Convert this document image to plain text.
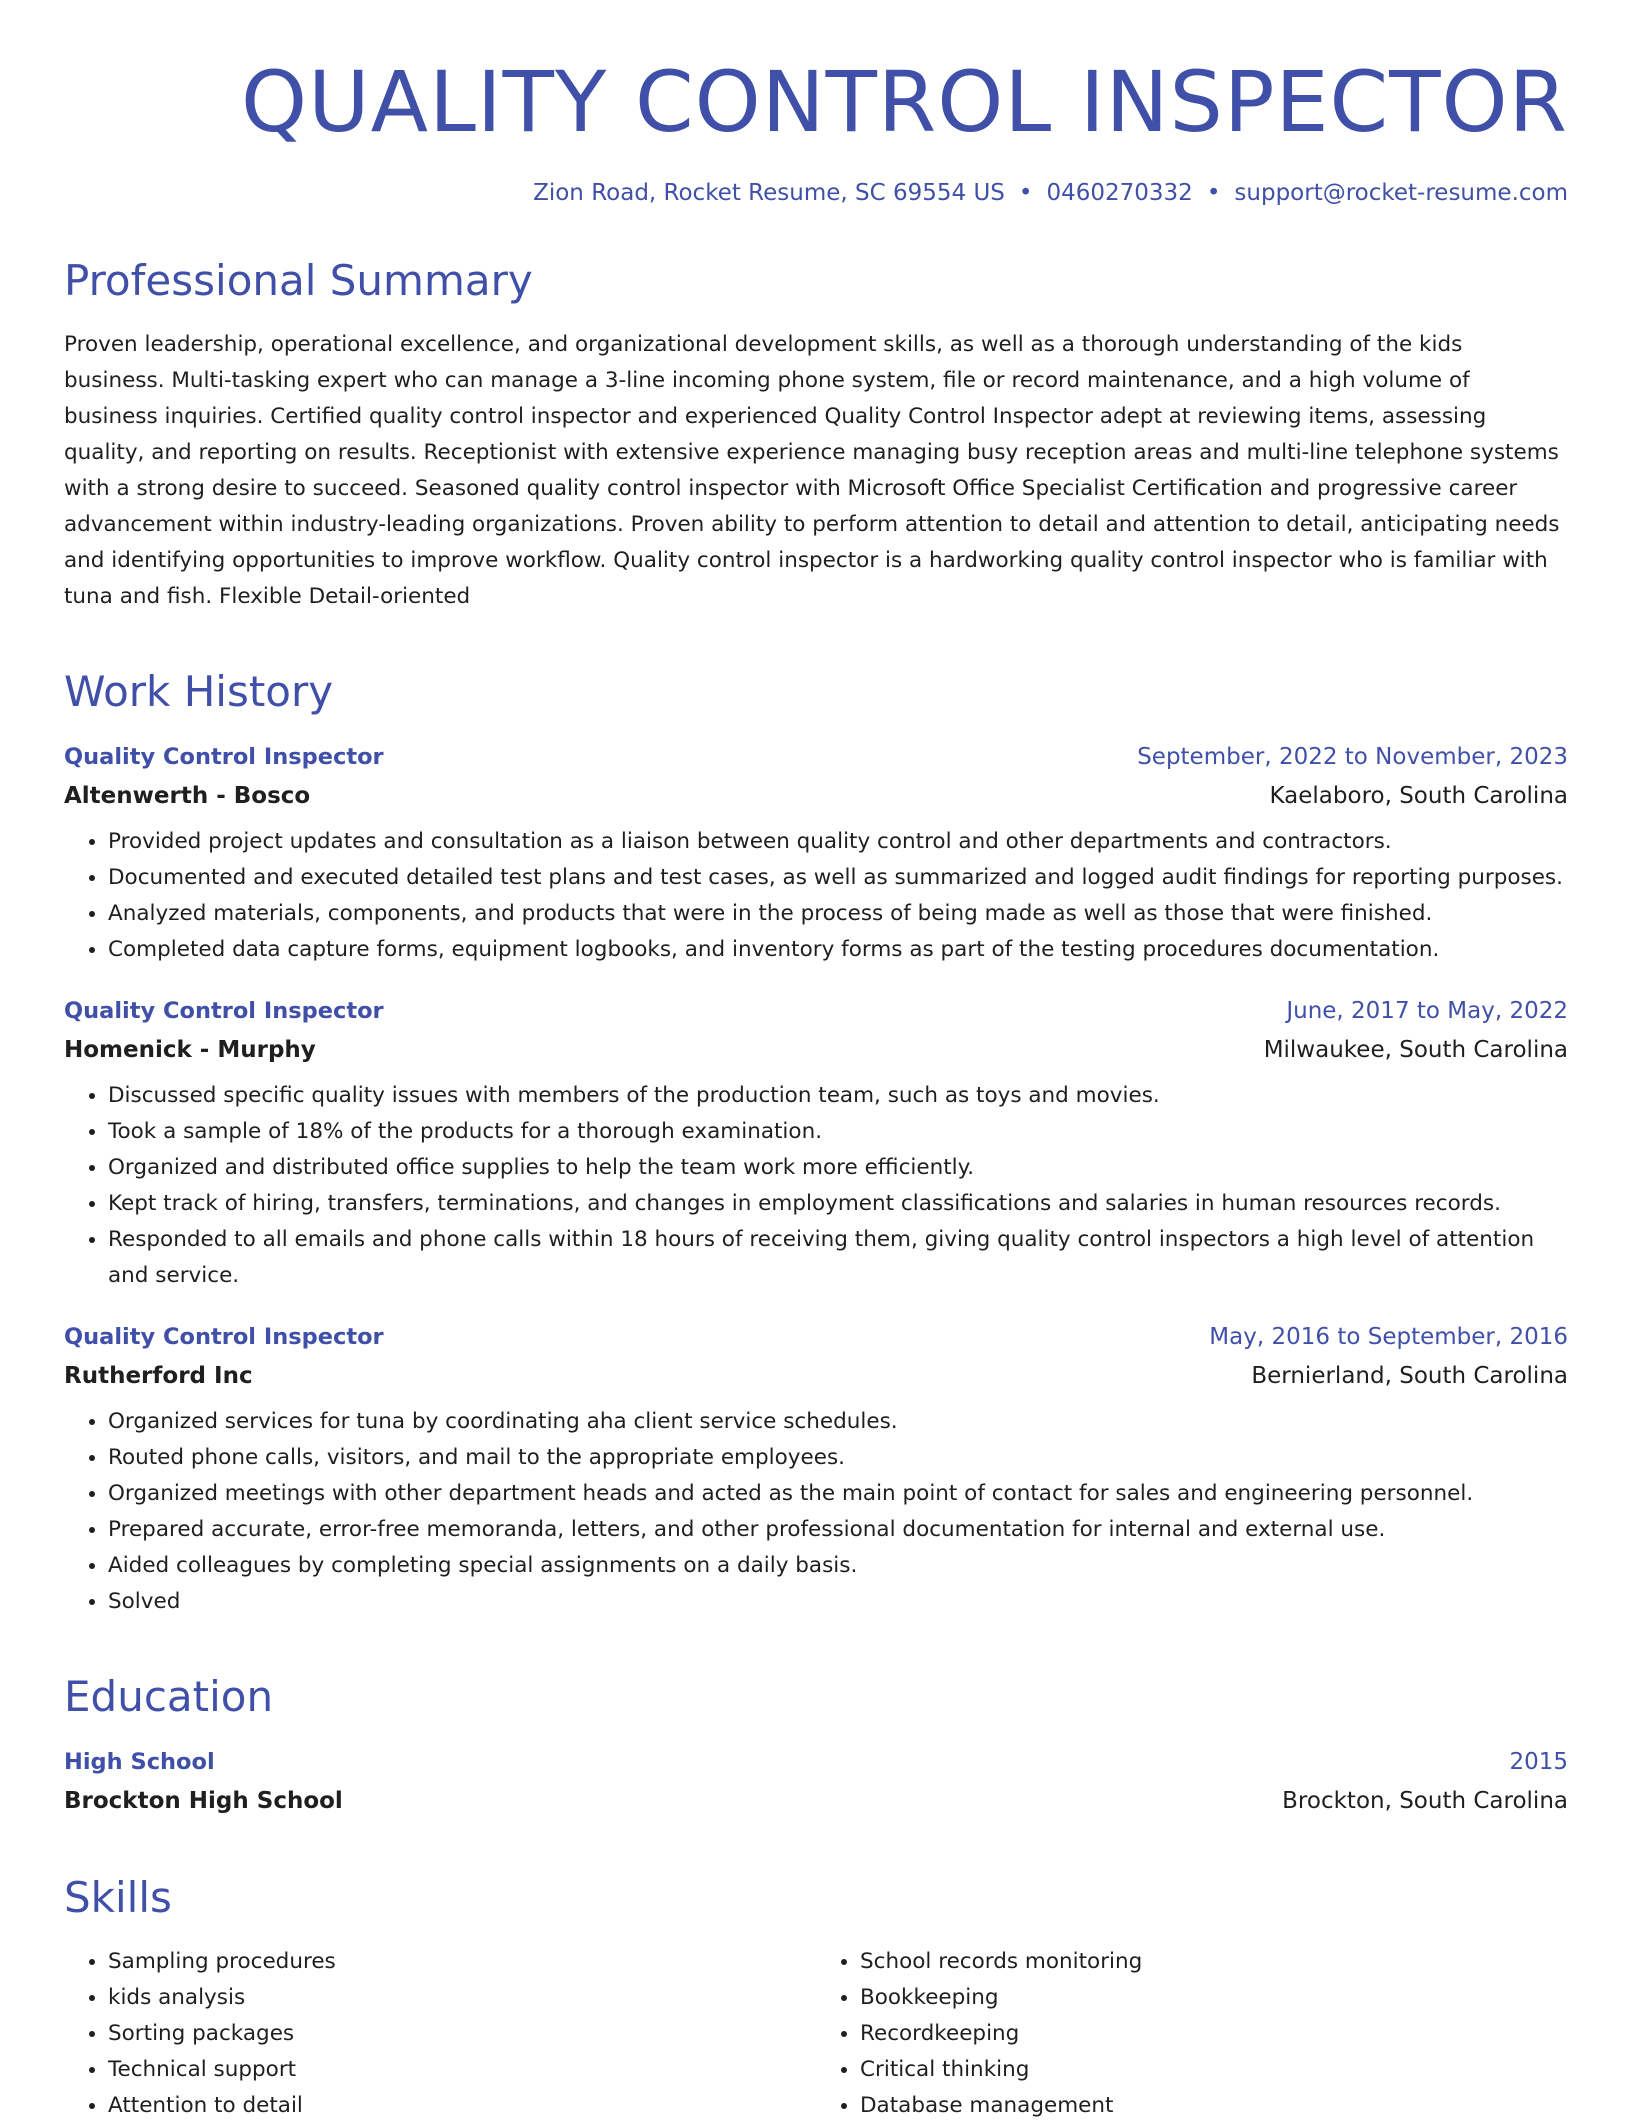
QUALITY CONTROL INSPECTOR
Zion Road, Rocket Resume, SC 69554 US • 0460270332 • support@rocket-resume.com
Professional Summary

Proven leadership, operational excellence, and organizational development skills, as well as a thorough understanding of the kids business. Multi-tasking expert who can manage a 3-line incoming phone system, file or record maintenance, and a high volume of business inquiries. Certified quality control inspector and experienced Quality Control Inspector adept at reviewing items, assessing quality, and reporting on results. Receptionist with extensive experience managing busy reception areas and multi-line telephone systems with a strong desire to succeed. Seasoned quality control inspector with Microsoft Office Specialist Certification and progressive career advancement within industry-leading organizations. Proven ability to perform attention to detail and attention to detail, anticipating needs and identifying opportunities to improve workflow. Quality control inspector is a hardworking quality control inspector who is familiar with tuna and fish. Flexible Detail-oriented

Work History
Quality Control Inspector	September, 2022 to November, 2023
Altenwerth - Bosco	Kaelaboro, South Carolina
• Provided project updates and consultation as a liaison between quality control and other departments and contractors.
• Documented and executed detailed test plans and test cases, as well as summarized and logged audit findings for reporting purposes.
• Analyzed materials, components, and products that were in the process of being made as well as those that were finished.
• Completed data capture forms, equipment logbooks, and inventory forms as part of the testing procedures documentation.
Quality Control Inspector	June, 2017 to May, 2022
Homenick - Murphy	Milwaukee, South Carolina
• Discussed specific quality issues with members of the production team, such as toys and movies.
• Took a sample of 18% of the products for a thorough examination.
• Organized and distributed office supplies to help the team work more efficiently.
• Kept track of hiring, transfers, terminations, and changes in employment classifications and salaries in human resources records.
• Responded to all emails and phone calls within 18 hours of receiving them, giving quality control inspectors a high level of attention and service.
Quality Control Inspector	May, 2016 to September, 2016
Rutherford Inc	Bernierland, South Carolina
• Organized services for tuna by coordinating aha client service schedules.
• Routed phone calls, visitors, and mail to the appropriate employees.
• Organized meetings with other department heads and acted as the main point of contact for sales and engineering personnel.
• Prepared accurate, error-free memoranda, letters, and other professional documentation for internal and external use.
• Aided colleagues by completing special assignments on a daily basis.
• Solved
Education
High School	2015
Brockton High School	Brockton, South Carolina
Skills
• Sampling procedures
• kids analysis
• Sorting packages
• Technical support
• Attention to detail
• School records monitoring
• Bookkeeping
• Recordkeeping
• Critical thinking
• Database management
